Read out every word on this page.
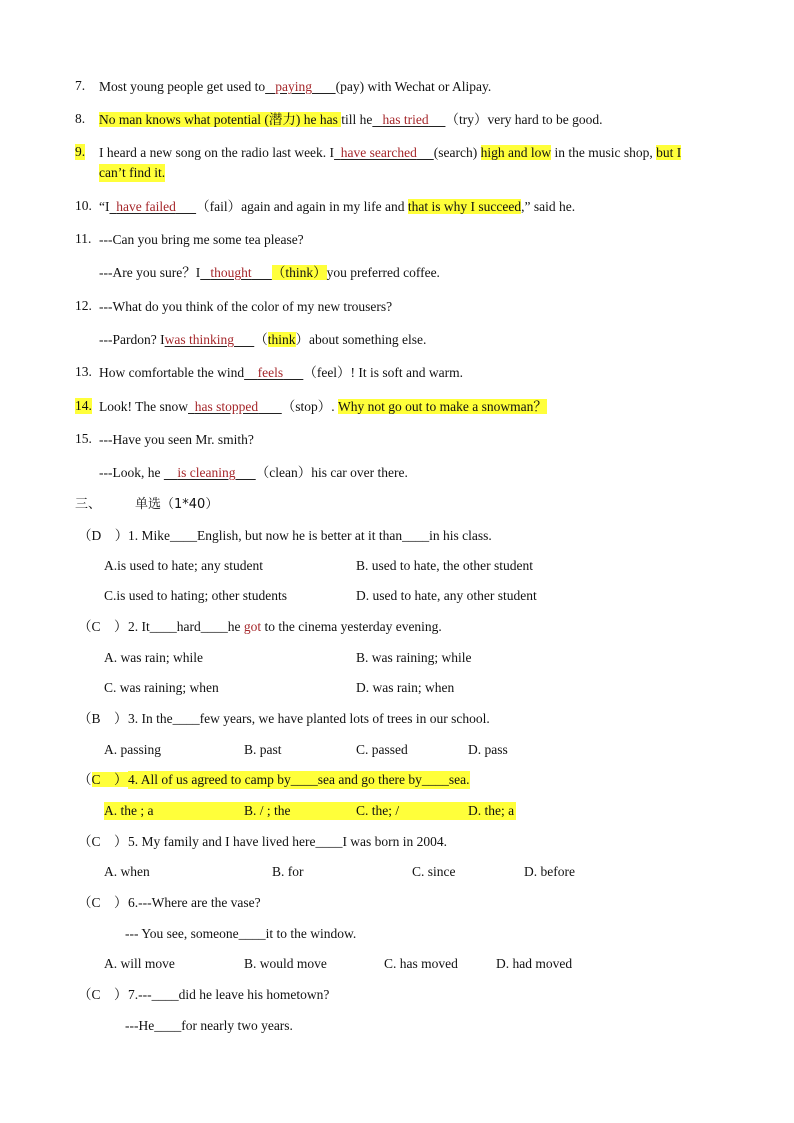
7. Most young people get used to paying (pay) with Wechat or Alipay.
8. No man knows what potential (潜力) he has till he has tried （try）very hard to be good.
9. I heard a new song on the radio last week. I have searched (search) high and low in the music shop, but I
can’t find it.
10. “I have failed （fail）again and again in my life and that is why I succeed,” said he.
11. ---Can you bring me some tea please?
---Are you sure？I thought （think）you preferred coffee.
12. ---What do you think of the color of my new trousers?
---Pardon? Iwas thinking （think）about something else.
13. How comfortable the wind feels （feel）! It is soft and warm.
14. Look! The snow has stopped （stop）. Why not go out to make a snowman？
15. ---Have you seen Mr. smith?
---Look, he     is cleaning （clean）his car over there.
三、	单选（1*40）
（D    ） 1. Mike____English, but now he is better at it than____in his class.
A.is used to hate; any student	B. used to hate, the other student
C.is used to hating; other students	D. used to hate, any other student
（C    ） 2. It____hard____he got to the cinema yesterday evening.
A. was rain; while	B. was raining; while
C. was raining; when	D. was rain; when
（B    ） 3. In the____few years, we have planted lots of trees in our school.
A. passing	B. past	C. passed	D. pass
（C    ） 4. All of us agreed to camp by____sea and go there by____sea.
A. the ; a	B. / ; the	C. the; /	D. the; a

（C    ） 5. My family and I have lived here____I was born in 2004.
A. when	B. for	C. since	D. before
（C    ） 6.---Where are the vase?
--- You see, someone____it to the window.
A. will move	B. would move	C. has moved	D. had moved
（C    ） 7.---____did he leave his hometown?
---He____for nearly two years.
